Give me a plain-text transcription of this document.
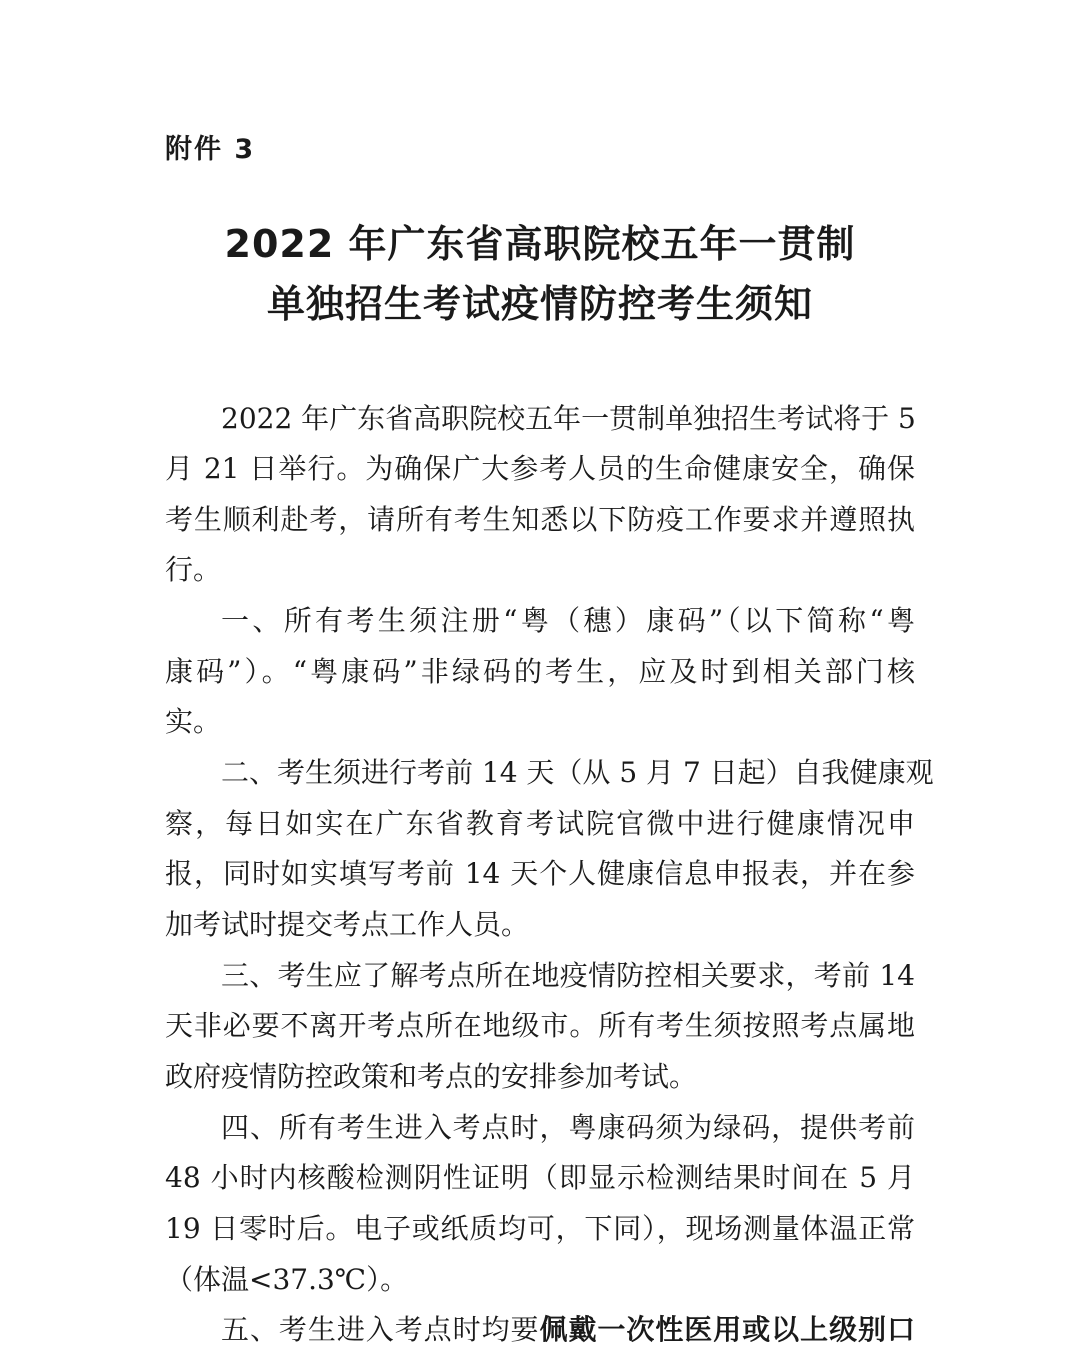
附件 3

2022 年广东省高职院校五年一贯制
单独招生考试疫情防控考生须知

2022 年广东省高职院校五年一贯制单独招生考试将于 5

月 21 日举行。为确保广大参考人员的生命健康安全，确保

考生顺利赴考，请所有考生知悉以下防疫工作要求并遵照执

行。

一、所有考生须注册“粤（穗）康码”（以下简称“粤

康码”）。“粤康码”非绿码的考生，应及时到相关部门核

实。

二、考生须进行考前 14 天（从 5 月 7 日起）自我健康观

察，每日如实在广东省教育考试院官微中进行健康情况申

报，同时如实填写考前 14 天个人健康信息申报表，并在参

加考试时提交考点工作人员。

三、考生应了解考点所在地疫情防控相关要求，考前 14

天非必要不离开考点所在地级市。所有考生须按照考点属地

政府疫情防控政策和考点的安排参加考试。

四、所有考生进入考点时，粤康码须为绿码，提供考前

48 小时内核酸检测阴性证明（即显示检测结果时间在 5 月

19 日零时后。电子或纸质均可，下同），现场测量体温正常

（体温<37.3℃）。

五、考生进入考点时均要佩戴一次性医用或以上级别口
